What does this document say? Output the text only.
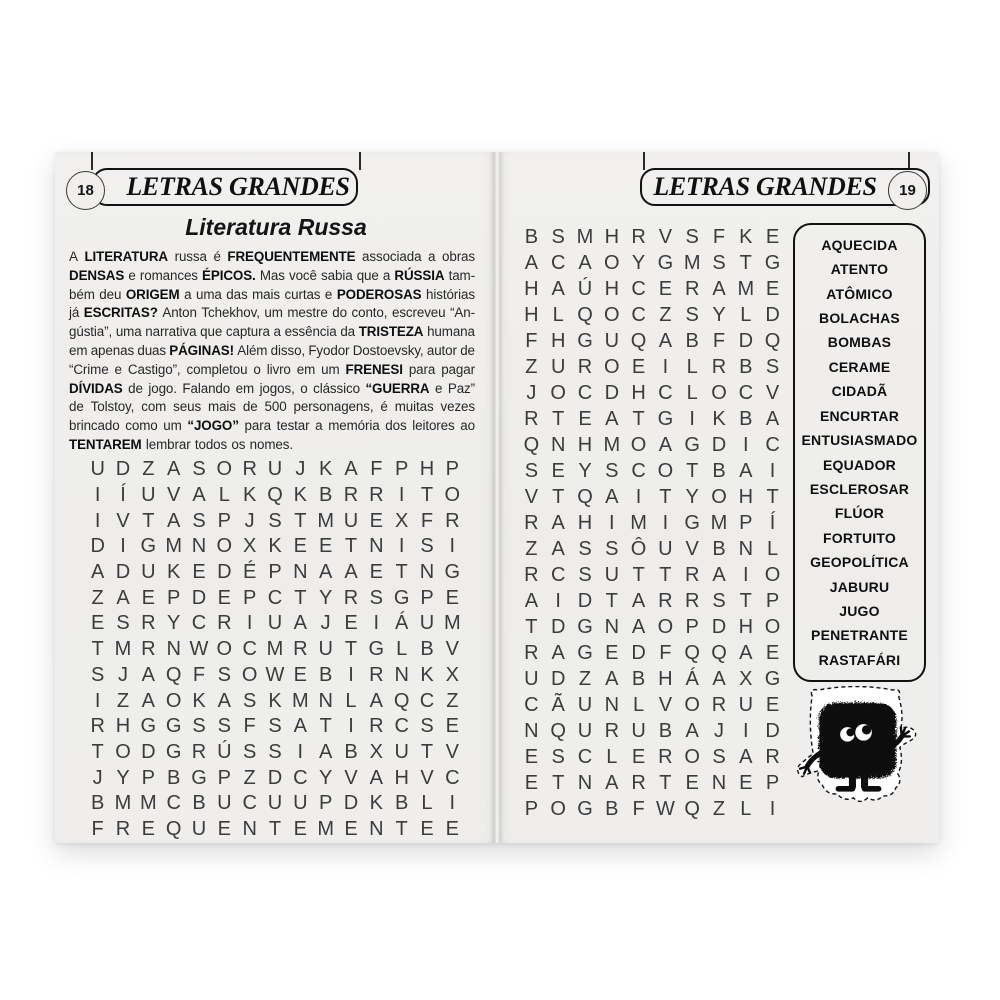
LETRAS GRANDES
18
Literatura Russa
A LITERATURA russa é FREQUENTEMENTE associada a obras
DENSAS e romances ÉPICOS. Mas você sabia que a RÚSSIA tam-
bém deu ORIGEM a uma das mais curtas e PODEROSAS histórias
já ESCRITAS? Anton Tchekhov, um mestre do conto, escreveu “An-
gústia”, uma narrativa que captura a essência da TRISTEZA humana
em apenas duas PÁGINAS! Além disso, Fyodor Dostoevsky, autor de
“Crime e Castigo”, completou o livro em um FRENESI para pagar
DÍVIDAS de jogo. Falando em jogos, o clássico “GUERRA e Paz”
de Tolstoy, com seus mais de 500 personagens, é muitas vezes
brincado como um “JOGO” para testar a memória dos leitores ao
TENTAREM lembrar todos os nomes.
U D Z A S O R U J K A F P H P
I Í U V A L K Q K B R R I T O
I V T A S P J S T M U E X F R
D I G M N O X K E E T N I S I
A D U K E D É P N A A E T N G
Z A E P D E P C T Y R S G P E
E S R Y C R I U A J E I Á U M
T M R N W O C M R U T G L B V
S J A Q F S O W E B I R N K X
I Z A O K A S K M N L A Q C Z
R H G G S S F S A T I R C S E
T O D G R Ú S S I A B X U T V
J Y P B G P Z D C Y V A H V C
B M M C B U C U U P D K B L I
F R E Q U E N T E M E N T E E
LETRAS GRANDES	19
B S M H R V S F K E
A C A O Y G M S T G
H A Ú H C E R A M E
H L Q O C Z S Y L D
F H G U Q A B F D Q
Z U R O E I L R B S
J O C D H C L O C V
R T E A T G I K B A
Q N H M O A G D I C
S E Y S C O T B A I
V T Q A I T Y O H T
R A H I M I G M P Í
Z A S S Ô U V B N L
R C S U T T R A I O
A I D T A R R S T P
T D G N A O P D H O
R A G E D F Q Q A E
U D Z A B H Á A X G
C Ã U N L V O R U E
N Q U R U B A J I D
E S C L E R O S A R
E T N A R T E N E P
P O G B F W Q Z L I
AQUECIDA
ATENTO
ATÔMICO
BOLACHAS
BOMBAS
CERAME
CIDADÃ
ENCURTAR
ENTUSIASMADO
EQUADOR
ESCLEROSAR
FLÚOR
FORTUITO
GEOPOLÍTICA
JABURU
JUGO
PENETRANTE
RASTAFÁRI
